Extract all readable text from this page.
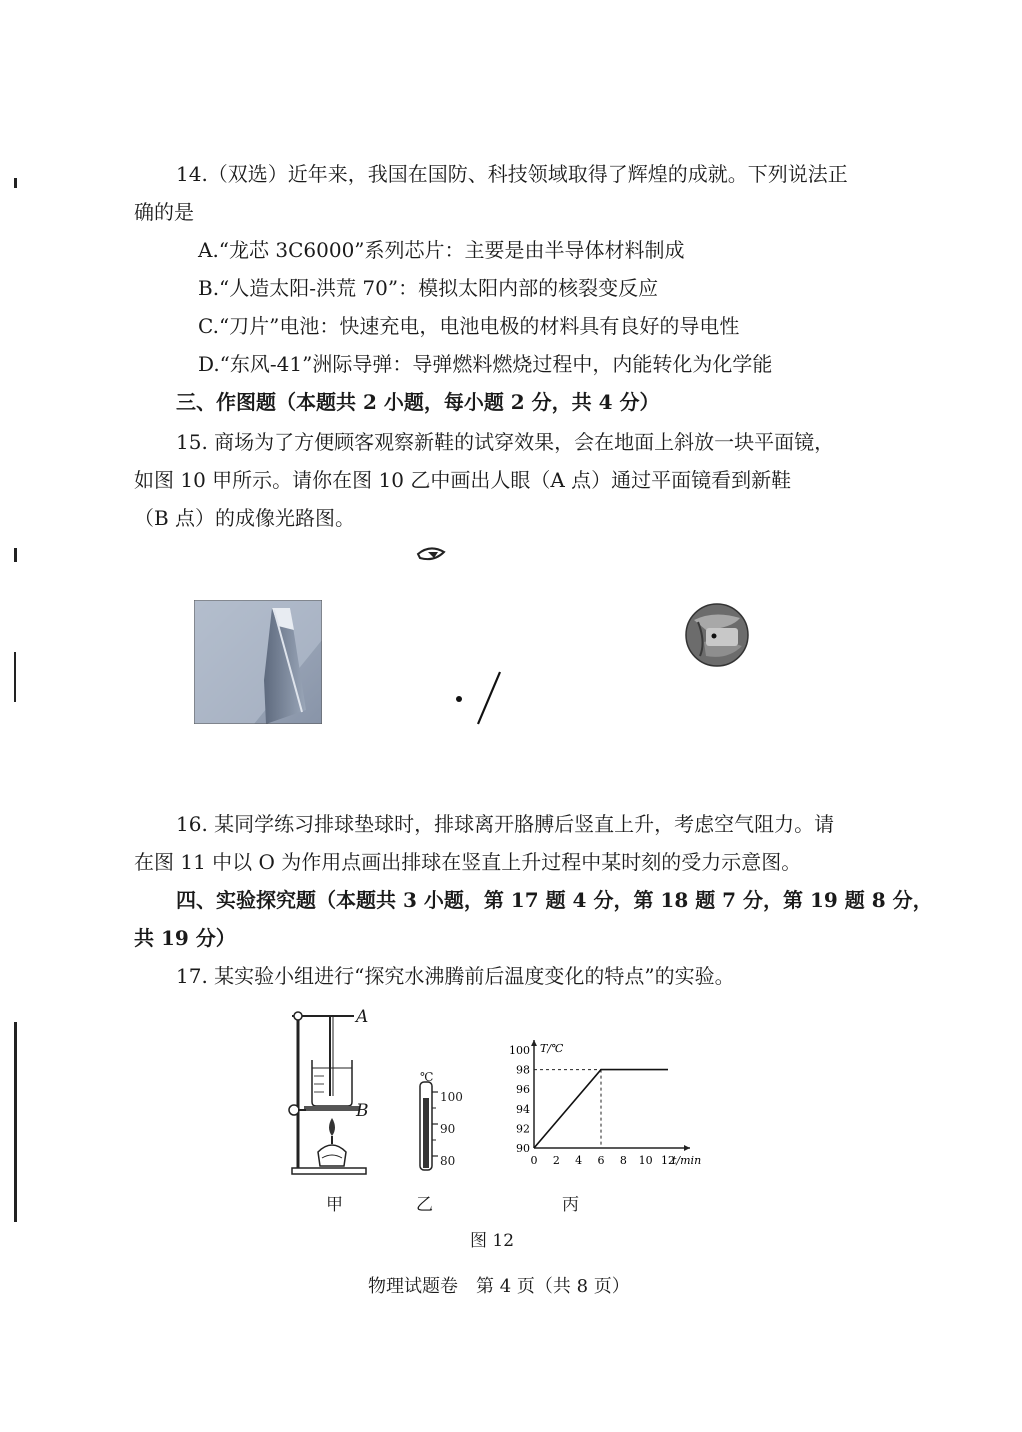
14.（双选）近年来，我国在国防、科技领域取得了辉煌的成就。下列说法正
确的是
A.“龙芯 3C6000”系列芯片：主要是由半导体材料制成
B.“人造太阳-洪荒 70”：模拟太阳内部的核裂变反应
C.“刀片”电池：快速充电，电池电极的材料具有良好的导电性
D.“东风-41”洲际导弹：导弹燃料燃烧过程中，内能转化为化学能
三、作图题（本题共 2 小题，每小题 2 分，共 4 分）
15. 商场为了方便顾客观察新鞋的试穿效果，会在地面上斜放一块平面镜，
如图 10 甲所示。请你在图 10 乙中画出人眼（A 点）通过平面镜看到新鞋
（B 点）的成像光路图。
16. 某同学练习排球垫球时，排球离开胳膊后竖直上升，考虑空气阻力。请
在图 11 中以 O 为作用点画出排球在竖直上升过程中某时刻的受力示意图。
四、实验探究题（本题共 3 小题，第 17 题 4 分，第 18 题 7 分，第 19 题 8 分，
共 19 分）
17. 某实验小组进行“探究水沸腾前后温度变化的特点”的实验。
A
B
甲
℃
100
90
80
乙
90
92
94
96
98
100
0 2 4 6 8 10 12
T/℃
t/min
丙
图 12
物理试题卷　第 4 页（共 8 页）
